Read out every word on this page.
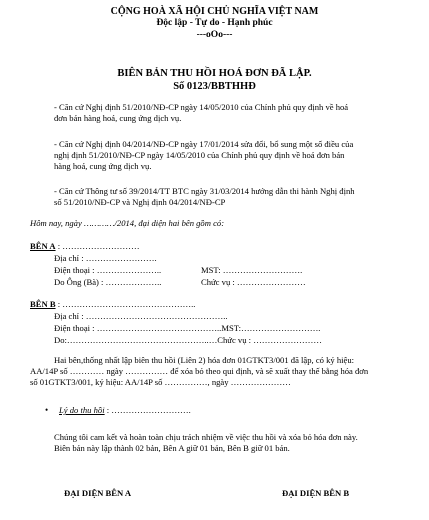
CỘNG HOÀ XÃ HỘI CHỦ NGHĨA VIỆT NAM
Độc lập - Tự do - Hạnh phúc
---oOo---
BIÊN BẢN THU HỒI HOÁ ĐƠN ĐÃ LẬP.
Số 0123/BBTHHĐ
- Căn cứ Nghị định 51/2010/NĐ-CP ngày 14/05/2010 của Chính phủ quy định về hoá
đơn bán hàng hoá, cung ứng dịch vụ.
- Căn cứ Nghị định 04/2014/NĐ-CP ngày 17/01/2014 sửa đổi, bổ sung một số điều của
nghị định 51/2010/NĐ-CP ngày 14/05/2010 của Chính phủ quy định về hoá đơn bán
hàng hoá, cung ứng dịch vụ.
- Căn cứ Thông tư số 39/2014/TT BTC ngày 31/03/2014 hướng dẫn thi hành Nghị định
số 51/2010/NĐ-CP và Nghị định 04/2014/NĐ-CP
Hôm nay, ngày …………/2014, đại diện hai bên gồm có:
BÊN A : ………………………
Địa chỉ : …………………….
Điện thoại : …………………..	MST: ……………………….
Do Ông (Bà) : ………………..	Chức vụ : ……………………
BÊN B : ………………………………………..
Địa chỉ : …………………………………………..
Điện thoại : ……………………………………..MST:……………………….
Do:…………………………………………..…Chức vụ : ……………………
Hai bên,thống nhất lập biên thu hồi (Liên 2) hóa đơn 01GTKT3/001 đã lập, có ký hiệu:
AA/14P số ………… ngày …………… để xóa bỏ theo qui định, và sẽ xuất thay thế bằng hóa đơn
số 01GTKT3/001, ký hiệu: AA/14P số ……………, ngày …………………
• Lý do thu hồi : ……………………….
Chúng tôi cam kết và hoàn toàn chịu trách nhiệm về việc thu hồi và xóa bỏ hóa đơn này.
Biên bản này lập thành 02 bản, Bên A giữ 01 bản, Bên B giữ 01 bản.
ĐẠI DIỆN BÊN A	ĐẠI DIỆN BÊN B
